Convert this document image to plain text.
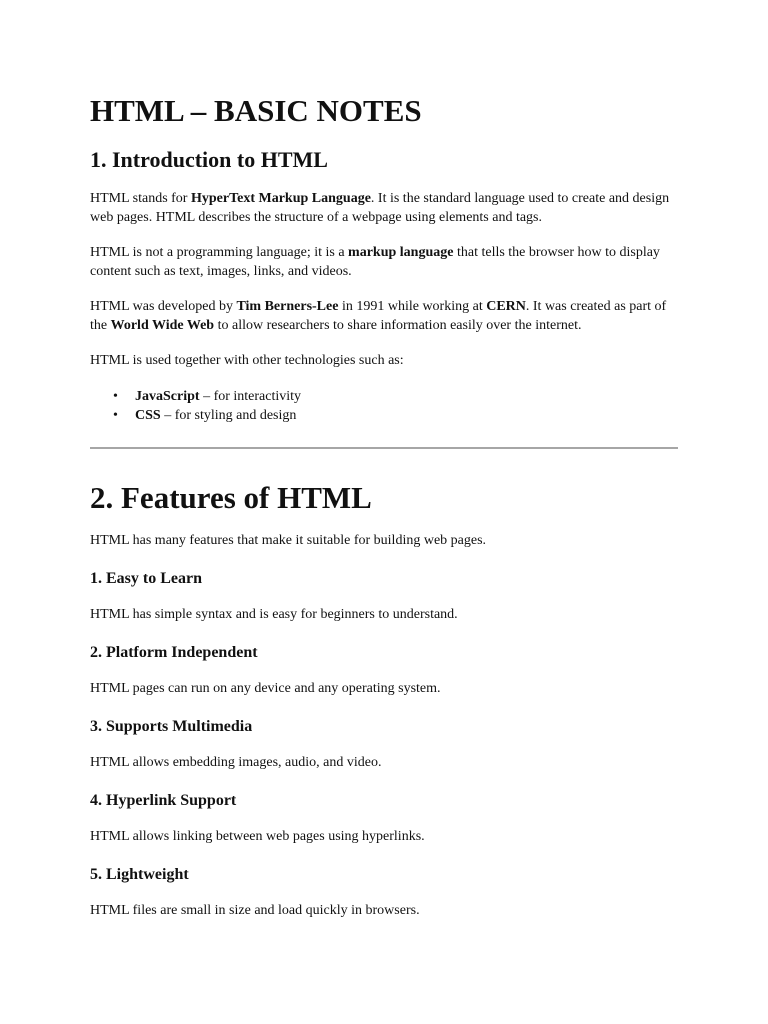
HTML – BASIC NOTES
1. Introduction to HTML

HTML stands for HyperText Markup Language. It is the standard language used to create and design web pages. HTML describes the structure of a webpage using elements and tags.

HTML is not a programming language; it is a markup language that tells the browser how to display content such as text, images, links, and videos.

HTML was developed by Tim Berners-Lee in 1991 while working at CERN. It was created as part of the World Wide Web to allow researchers to share information easily over the internet.

HTML is used together with other technologies such as:

• JavaScript – for interactivity
• CSS – for styling and design
2. Features of HTML

HTML has many features that make it suitable for building web pages.

1. Easy to Learn

HTML has simple syntax and is easy for beginners to understand.

2. Platform Independent

HTML pages can run on any device and any operating system.

3. Supports Multimedia

HTML allows embedding images, audio, and video.

4. Hyperlink Support

HTML allows linking between web pages using hyperlinks.

5. Lightweight

HTML files are small in size and load quickly in browsers.
